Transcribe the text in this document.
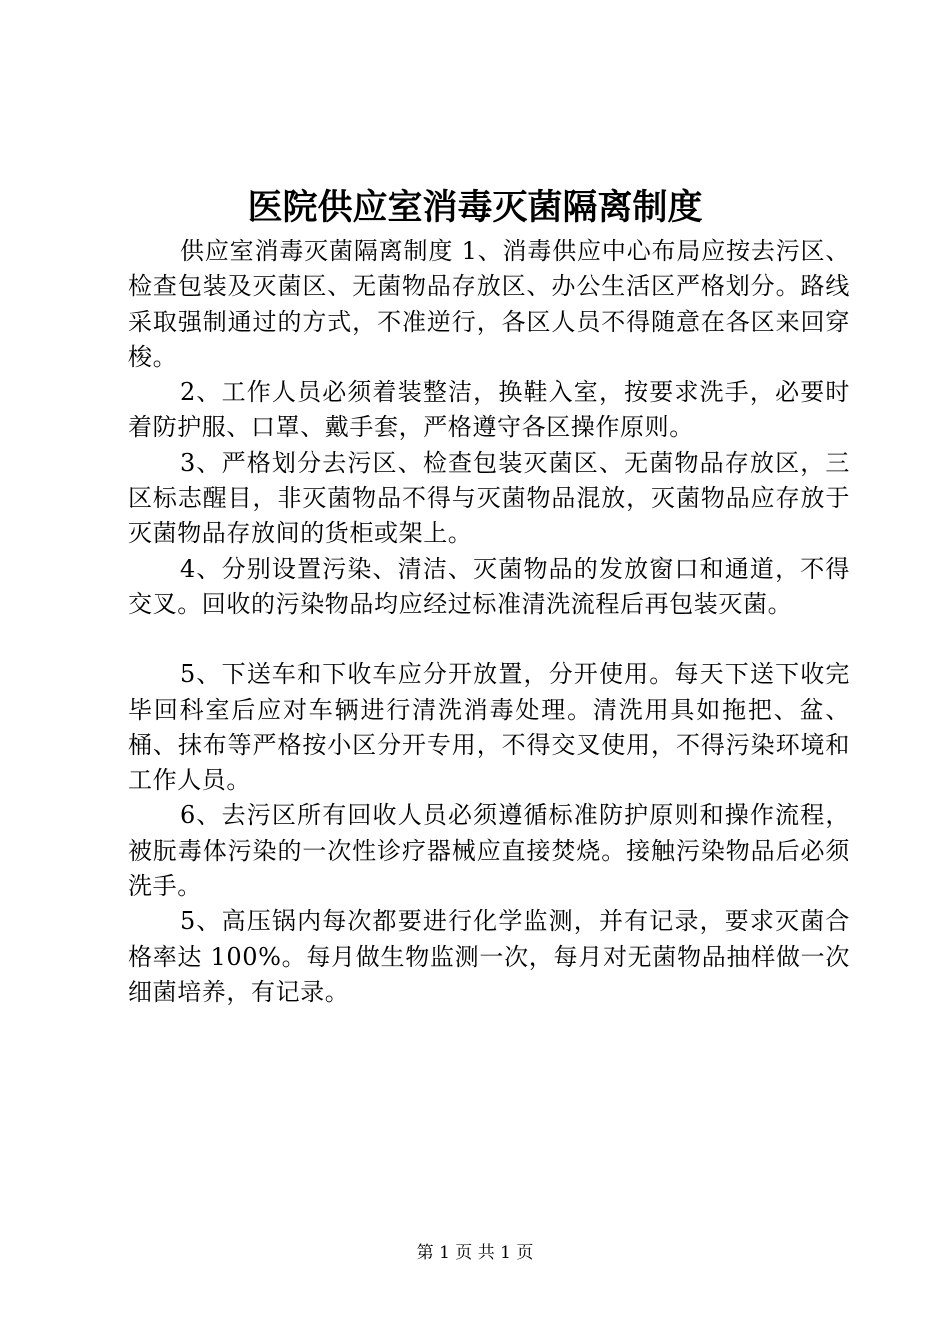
医院供应室消毒灭菌隔离制度

供应室消毒灭菌隔离制度 1、消毒供应中心布局应按去污区、检查包装及灭菌区、无菌物品存放区、办公生活区严格划分。路线采取强制通过的方式，不准逆行，各区人员不得随意在各区来回穿梭。

2、工作人员必须着装整洁，换鞋入室，按要求洗手，必要时着防护服、口罩、戴手套，严格遵守各区操作原则。

3、严格划分去污区、检查包装灭菌区、无菌物品存放区，三区标志醒目，非灭菌物品不得与灭菌物品混放，灭菌物品应存放于灭菌物品存放间的货柜或架上。

4、分别设置污染、清洁、灭菌物品的发放窗口和通道，不得交叉。回收的污染物品均应经过标准清洗流程后再包装灭菌。

5、下送车和下收车应分开放置，分开使用。每天下送下收完毕回科室后应对车辆进行清洗消毒处理。清洗用具如拖把、盆、桶、抹布等严格按小区分开专用，不得交叉使用，不得污染环境和工作人员。

6、去污区所有回收人员必须遵循标准防护原则和操作流程，被朊毒体污染的一次性诊疗器械应直接焚烧。接触污染物品后必须洗手。

5、高压锅内每次都要进行化学监测，并有记录，要求灭菌合格率达 100%。每月做生物监测一次，每月对无菌物品抽样做一次细菌培养，有记录。

第 1 页 共 1 页
